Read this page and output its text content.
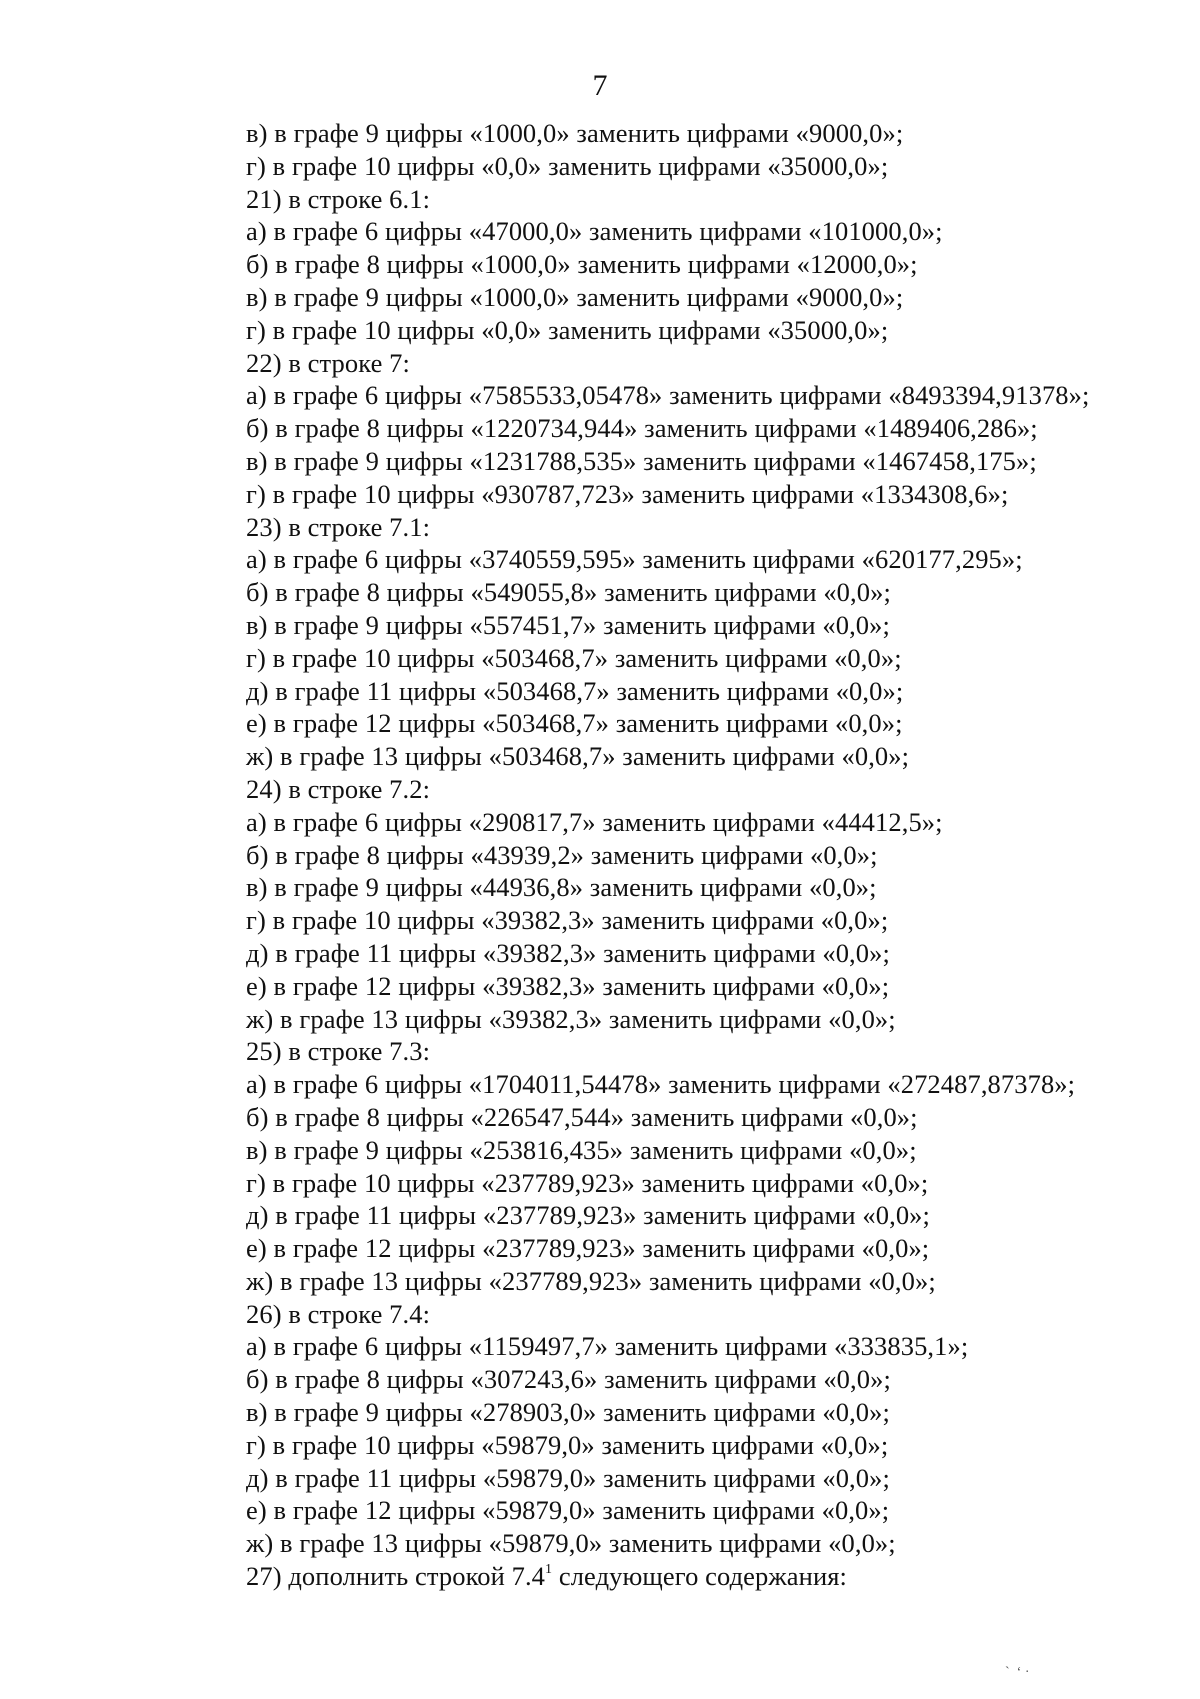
7
в) в графе 9 цифры «1000,0» заменить цифрами «9000,0»;
г) в графе 10 цифры «0,0» заменить цифрами «35000,0»;
21) в строке 6.1:
а) в графе 6 цифры «47000,0» заменить цифрами «101000,0»;
б) в графе 8 цифры «1000,0» заменить цифрами «12000,0»;
в) в графе 9 цифры «1000,0» заменить цифрами «9000,0»;
г) в графе 10 цифры «0,0» заменить цифрами «35000,0»;
22) в строке 7:
а) в графе 6 цифры «7585533,05478» заменить цифрами «8493394,91378»;
б) в графе 8 цифры «1220734,944» заменить цифрами «1489406,286»;
в) в графе 9 цифры «1231788,535» заменить цифрами «1467458,175»;
г) в графе 10 цифры «930787,723» заменить цифрами «1334308,6»;
23) в строке 7.1:
а) в графе 6 цифры «3740559,595» заменить цифрами «620177,295»;
б) в графе 8 цифры «549055,8» заменить цифрами «0,0»;
в) в графе 9 цифры «557451,7» заменить цифрами «0,0»;
г) в графе 10 цифры «503468,7» заменить цифрами «0,0»;
д) в графе 11 цифры «503468,7» заменить цифрами «0,0»;
е) в графе 12 цифры «503468,7» заменить цифрами «0,0»;
ж) в графе 13 цифры «503468,7» заменить цифрами «0,0»;
24) в строке 7.2:
а) в графе 6 цифры «290817,7» заменить цифрами «44412,5»;
б) в графе 8 цифры «43939,2» заменить цифрами «0,0»;
в) в графе 9 цифры «44936,8» заменить цифрами «0,0»;
г) в графе 10 цифры «39382,3» заменить цифрами «0,0»;
д) в графе 11 цифры «39382,3» заменить цифрами «0,0»;
е) в графе 12 цифры «39382,3» заменить цифрами «0,0»;
ж) в графе 13 цифры «39382,3» заменить цифрами «0,0»;
25) в строке 7.3:
а) в графе 6 цифры «1704011,54478» заменить цифрами «272487,87378»;
б) в графе 8 цифры «226547,544» заменить цифрами «0,0»;
в) в графе 9 цифры «253816,435» заменить цифрами «0,0»;
г) в графе 10 цифры «237789,923» заменить цифрами «0,0»;
д) в графе 11 цифры «237789,923» заменить цифрами «0,0»;
е) в графе 12 цифры «237789,923» заменить цифрами «0,0»;
ж) в графе 13 цифры «237789,923» заменить цифрами «0,0»;
26) в строке 7.4:
а) в графе 6 цифры «1159497,7» заменить цифрами «333835,1»;
б) в графе 8 цифры «307243,6» заменить цифрами «0,0»;
в) в графе 9 цифры «278903,0» заменить цифрами «0,0»;
г) в графе 10 цифры «59879,0» заменить цифрами «0,0»;
д) в графе 11 цифры «59879,0» заменить цифрами «0,0»;
е) в графе 12 цифры «59879,0» заменить цифрами «0,0»;
ж) в графе 13 цифры «59879,0» заменить цифрами «0,0»;
27) дополнить строкой $7.4^1$ следующего содержания:
`  ‘ ·
